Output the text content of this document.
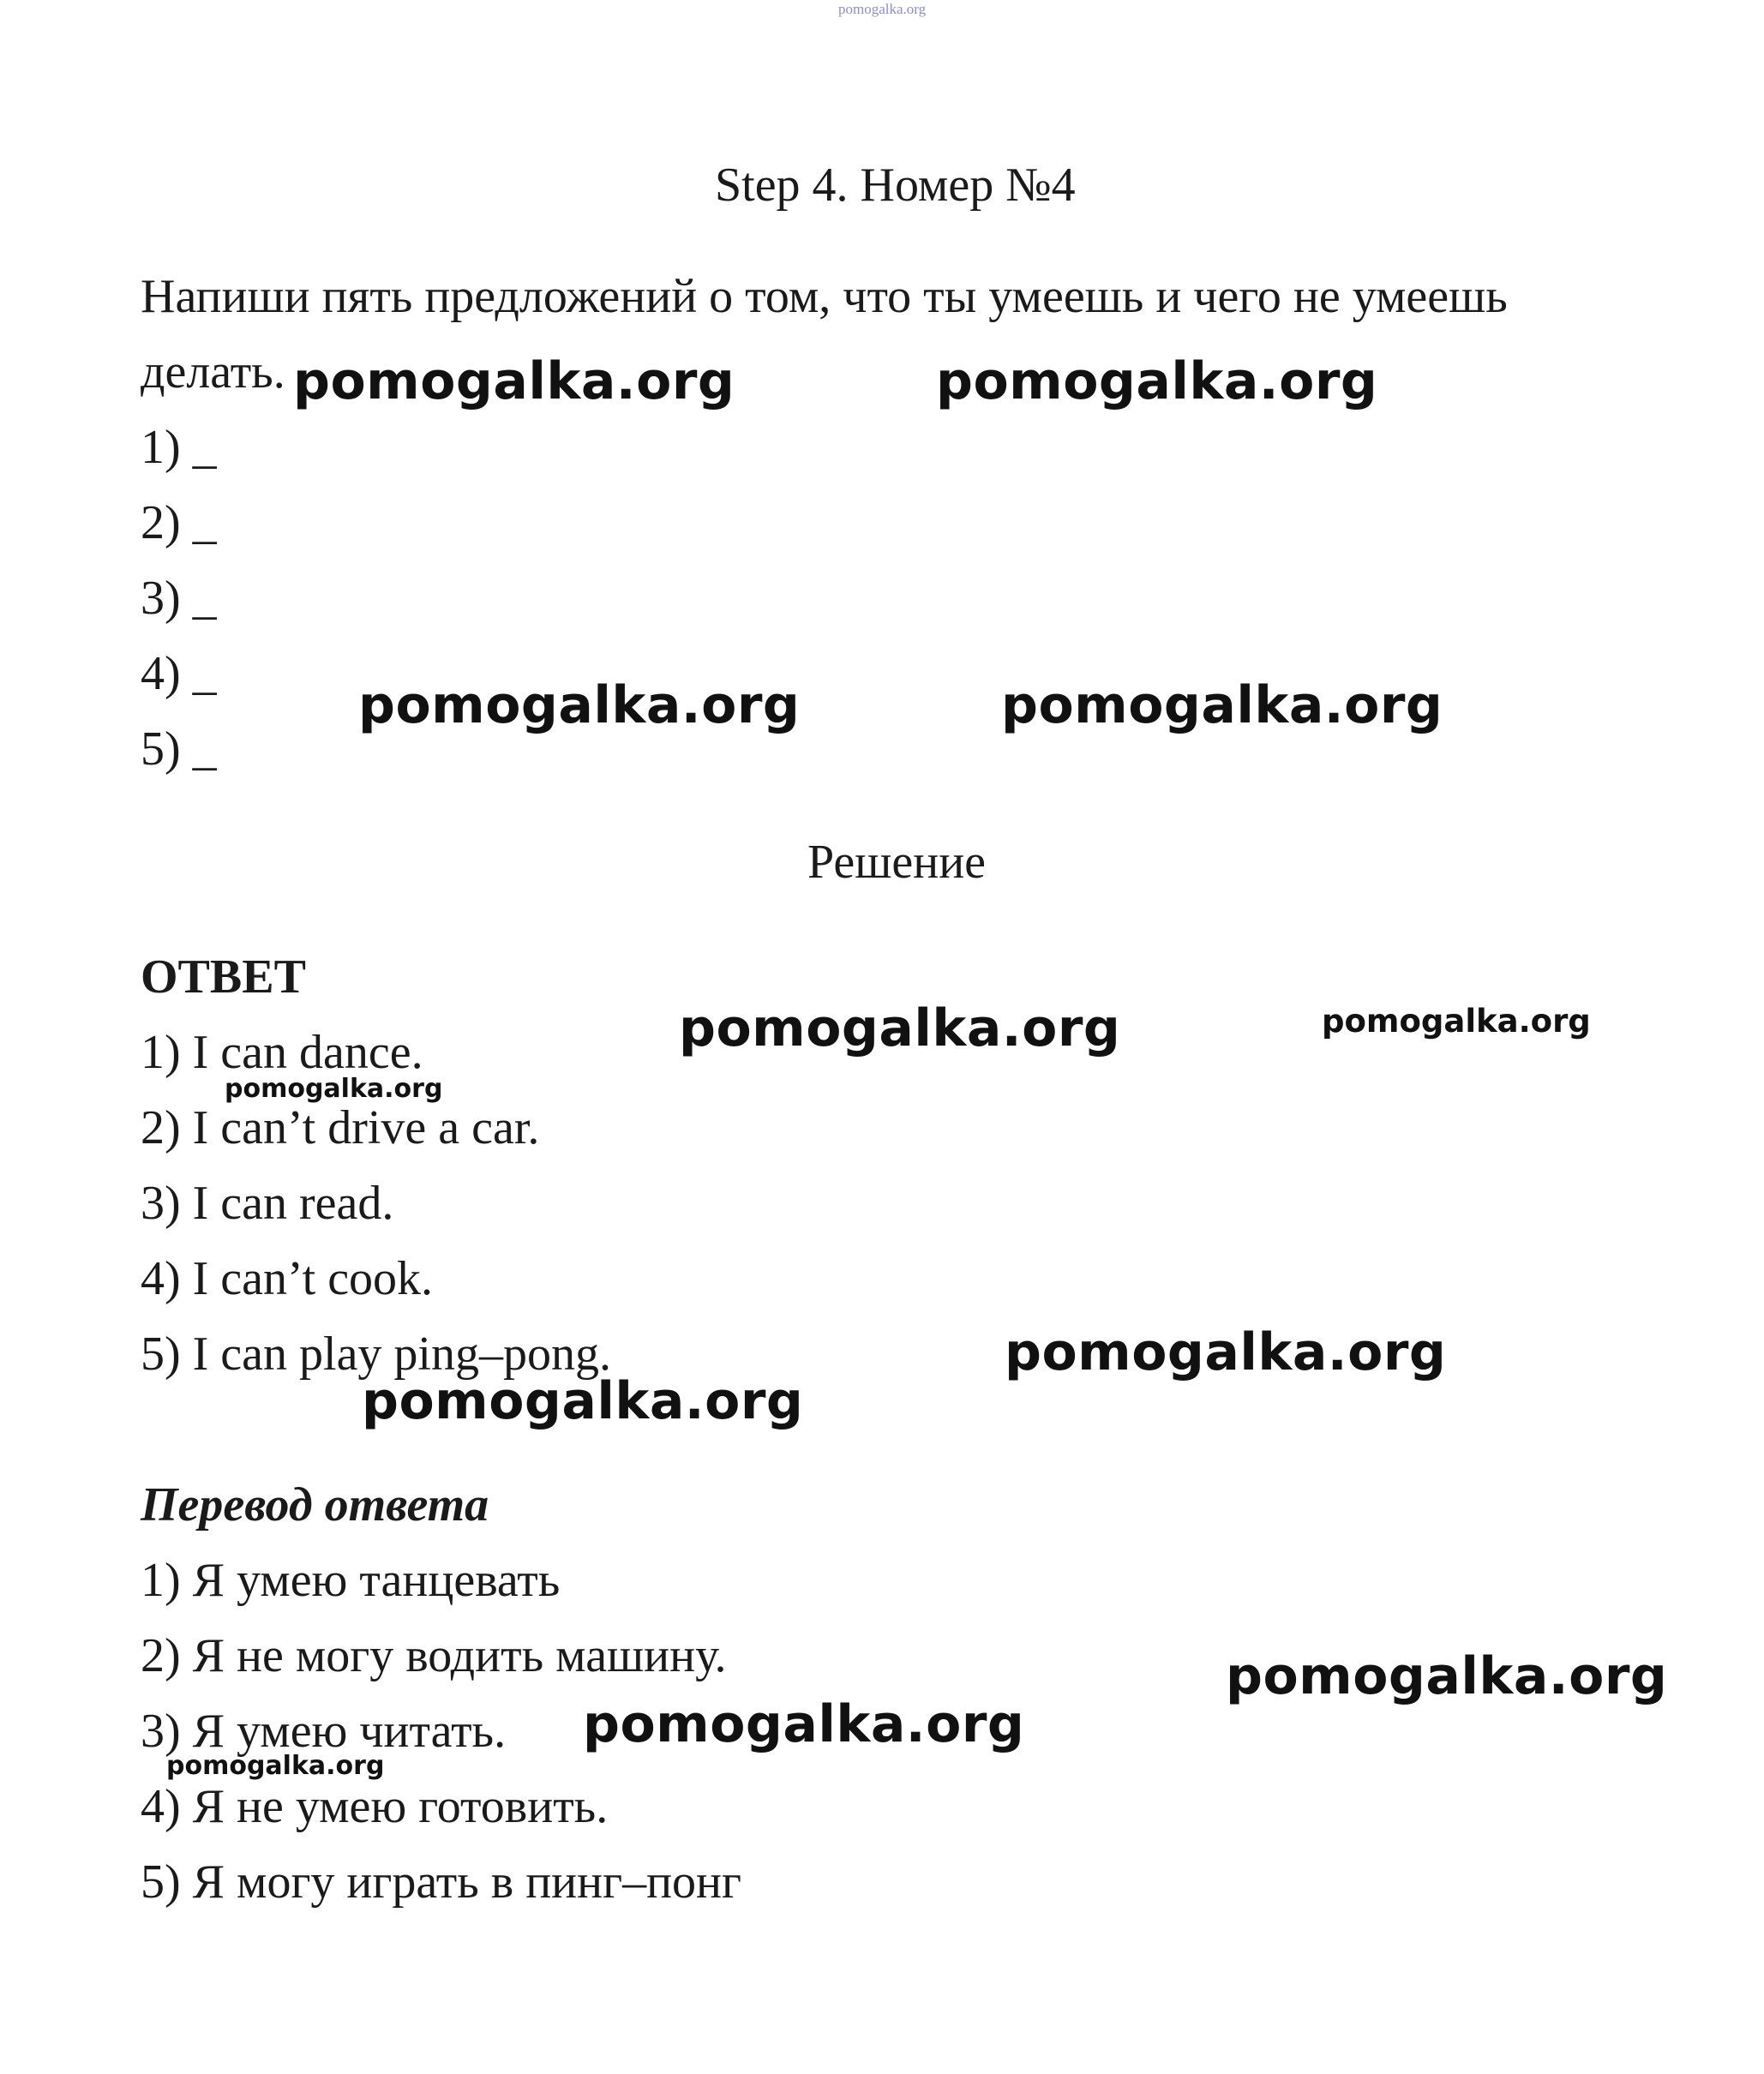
pomogalka.org
Step 4. Номер №4
Напиши пять предложений о том, что ты умеешь и чего не умеешь
делать.
1) _
2) _
3) _
4) _
5) _
Решение
ОТВЕТ
1) I can dance.
2) I can’t drive a car.
3) I can read.
4) I can’t cook.
5) I can play ping–pong.
Перевод ответа
1) Я умею танцевать
2) Я не могу водить машину.
3) Я умею читать.
4) Я не умею готовить.
5) Я могу играть в пинг–понг
pomogalka.org	pomogalka.org
pomogalka.org	pomogalka.org
pomogalka.org	pomogalka.org
pomogalka.org
pomogalka.org
pomogalka.org
pomogalka.org
pomogalka.org
pomogalka.org
